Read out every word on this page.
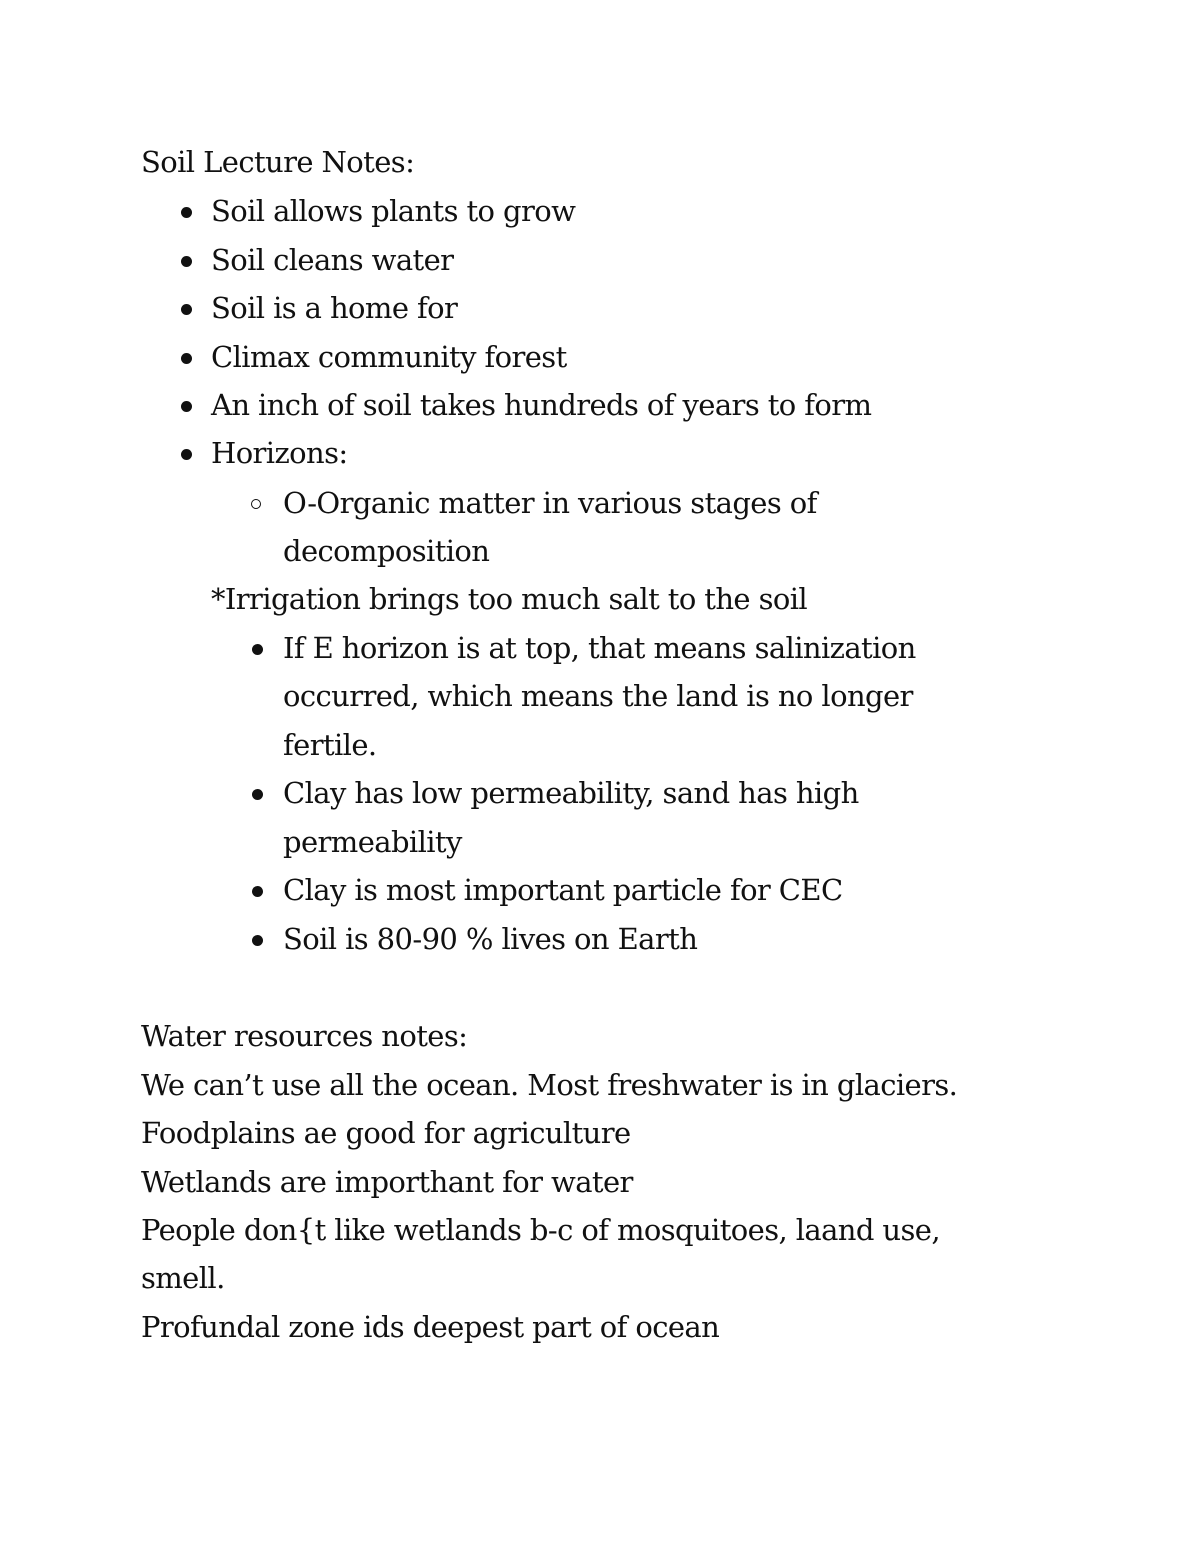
Soil Lecture Notes:
Soil allows plants to grow
Soil cleans water
Soil is a home for
Climax community forest
An inch of soil takes hundreds of years to form
Horizons:
O-Organic matter in various stages of
decomposition
*Irrigation brings too much salt to the soil
If E horizon is at top, that means salinization
occurred, which means the land is no longer
fertile.
Clay has low permeability, sand has high
permeability
Clay is most important particle for CEC
Soil is 80-90 % lives on Earth
Water resources notes:
We can’t use all the ocean. Most freshwater is in glaciers.
Foodplains ae good for agriculture
Wetlands are importhant for water
People don{t like wetlands b-c of mosquitoes, laand use,
smell.
Profundal zone ids deepest part of ocean
